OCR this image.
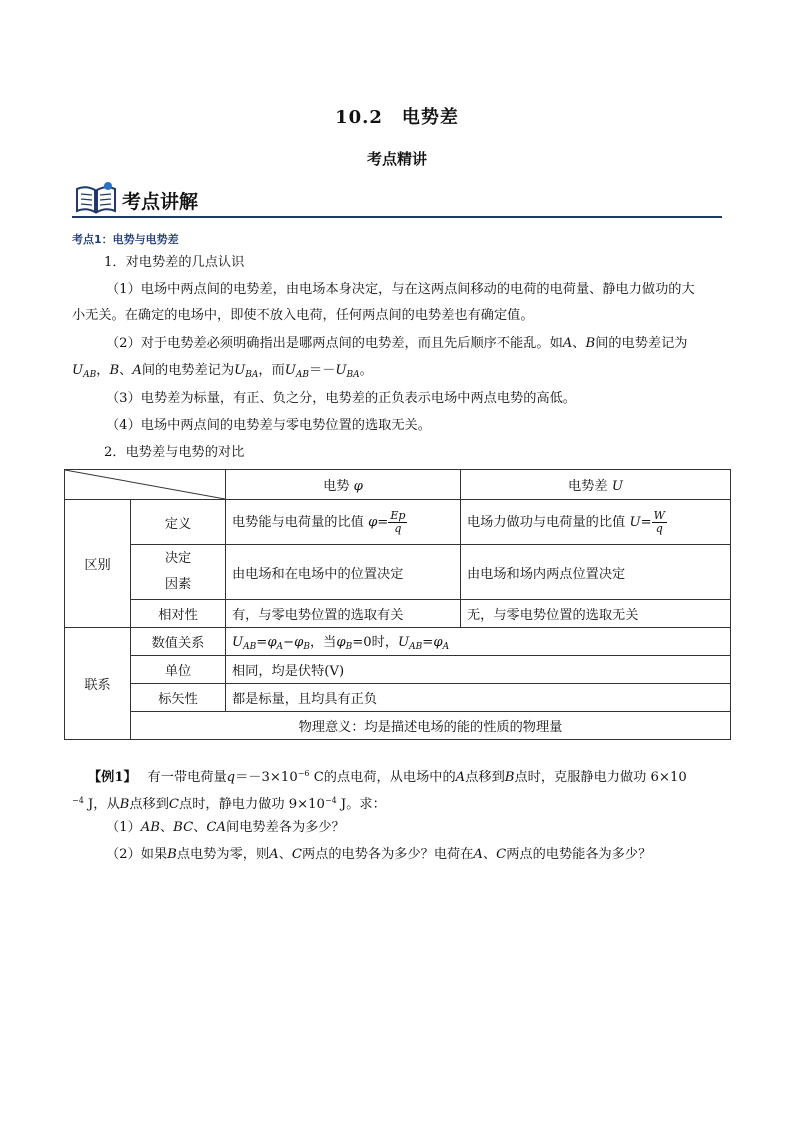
10.2　电势差
考点精讲
考点讲解
考点1：电势与电势差

1．对电势差的几点认识

（1）电场中两点间的电势差，由电场本身决定，与在这两点间移动的电荷的电荷量、静电力做功的大

小无关。在确定的电场中，即使不放入电荷，任何两点间的电势差也有确定值。

（2）对于电势差必须明确指出是哪两点间的电势差，而且先后顺序不能乱。如A、B间的电势差记为

$U_{AB}$，B、A间的电势差记为$U_{BA}$，而$U_{AB}=-U_{BA}$。

（3）电势差为标量，有正、负之分，电势差的正负表示电场中两点电势的高低。

（4）电场中两点间的电势差与零电势位置的选取无关。

2．电势差与电势的对比

	电势 φ	电势差 U
区别	定义	电势能与电荷量的比值 $\varphi= \frac{Ep}{q}$	电场力做功与电荷量的比值 $U= \frac{W}{q}$

	决定
因素	由电场和在电场中的位置决定	由电场和场内两点位置决定
	相对性	有，与零电势位置的选取有关	无，与零电势位置的选取无关
联系	数值关系	$U_{AB}=\varphi_A-\varphi_B$，当$\varphi_B=0$时，$U_{AB}=\varphi_A$
	单位	相同，均是伏特(V)	
	标矢性	都是标量，且均具有正负	
	物理意义：均是描述电场的能的性质的物理量		

【例1】　 有一带电荷量$q=-3\times 10^{-6}$ C的点电荷，从电场中的A点移到B点时，克服静电力做功 6×10

$^{-4}$ J，从B点移到C点时，静电力做功 $9\times 10^{-4}$ J。求：

（1）AB、BC、CA间电势差各为多少？

（2）如果B点电势为零，则A、C两点的电势各为多少？电荷在A、C两点的电势能各为多少？
